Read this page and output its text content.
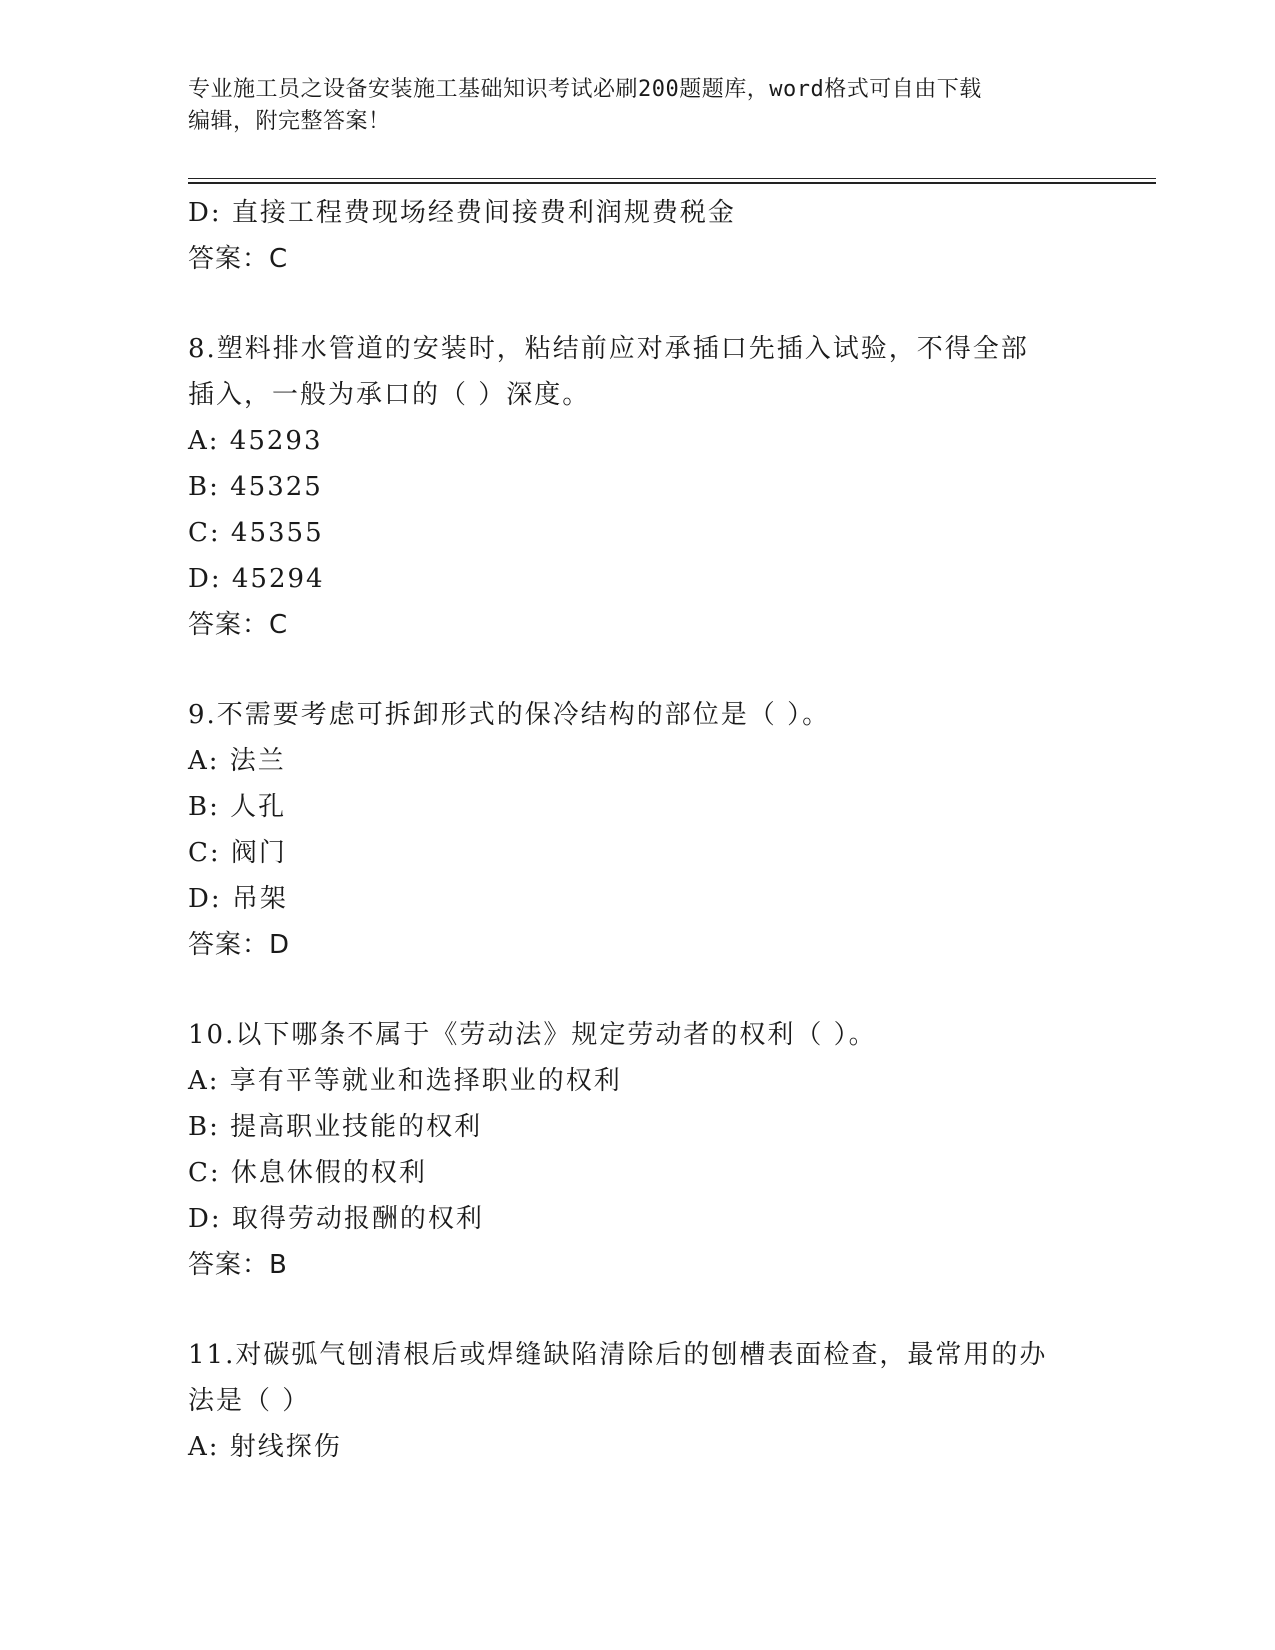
专业施工员之设备安装施工基础知识考试必刷200题题库，word格式可自由下载
编辑，附完整答案！
D: 直接工程费现场经费间接费利润规费税金
答案：C
8.塑料排水管道的安装时，粘结前应对承插口先插入试验，不得全部
插入，一般为承口的（ ）深度。
A: 45293
B: 45325
C: 45355
D: 45294
答案：C
9.不需要考虑可拆卸形式的保冷结构的部位是（ ）。
A: 法兰
B: 人孔
C: 阀门
D: 吊架
答案：D
10.以下哪条不属于《劳动法》规定劳动者的权利（ ）。
A: 享有平等就业和选择职业的权利
B: 提高职业技能的权利
C: 休息休假的权利
D: 取得劳动报酬的权利
答案：B
11.对碳弧气刨清根后或焊缝缺陷清除后的刨槽表面检查，最常用的办
法是（ ）
A: 射线探伤
